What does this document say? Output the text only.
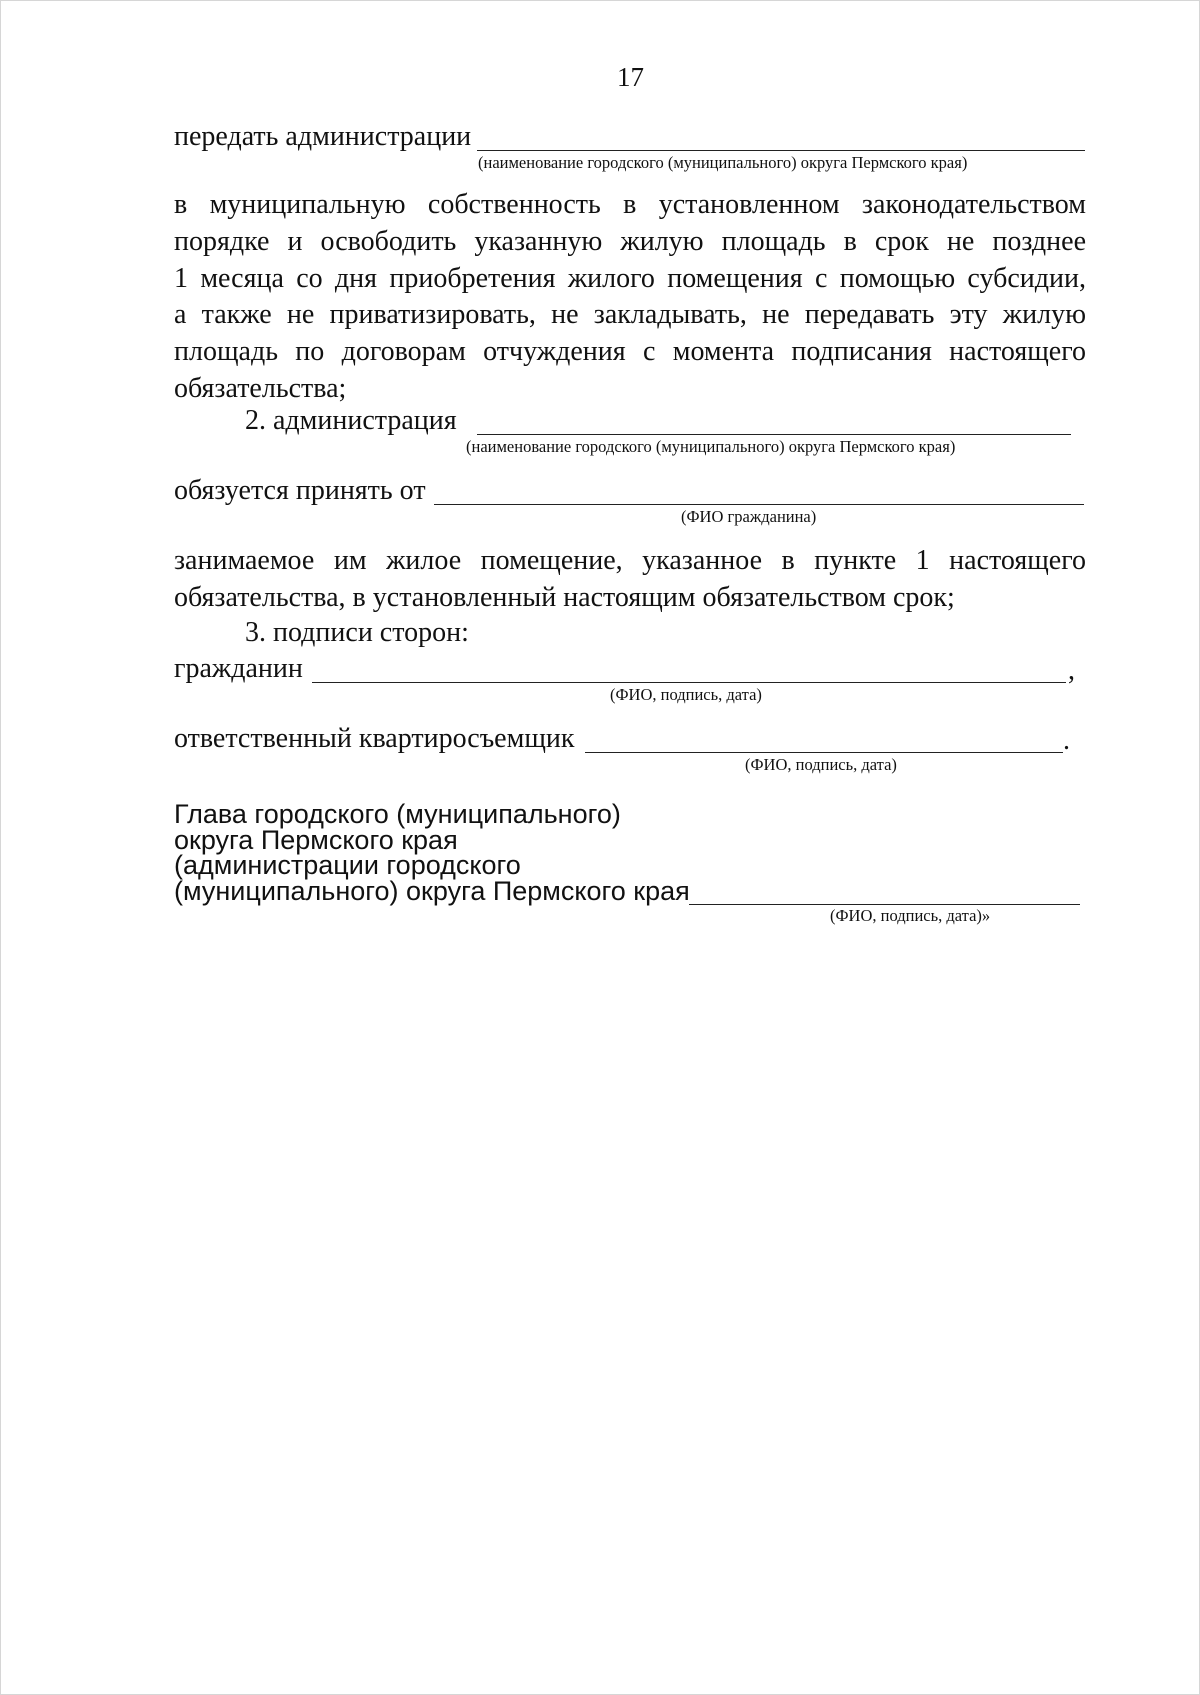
17
передать администрации
(наименование городского (муниципального) округа Пермского края)
в муниципальную собственность в установленном законодательством
порядке и освободить указанную жилую площадь в срок не позднее
1 месяца со дня приобретения жилого помещения с помощью субсидии,
а также не приватизировать, не закладывать, не передавать эту жилую
площадь по договорам отчуждения с момента подписания настоящего
обязательства;
2. администрация
(наименование городского (муниципального) округа Пермского края)
обязуется принять от
(ФИО гражданина)
занимаемое им жилое помещение, указанное в пункте 1 настоящего
обязательства, в установленный настоящим обязательством срок;
3. подписи сторон:
гражданин	,
(ФИО, подпись, дата)
ответственный квартиросъемщик	.
(ФИО, подпись, дата)
Глава городского (муниципального)
округа Пермского края
(администрации городского
(муниципального) округа Пермского края
(ФИО, подпись, дата)»
